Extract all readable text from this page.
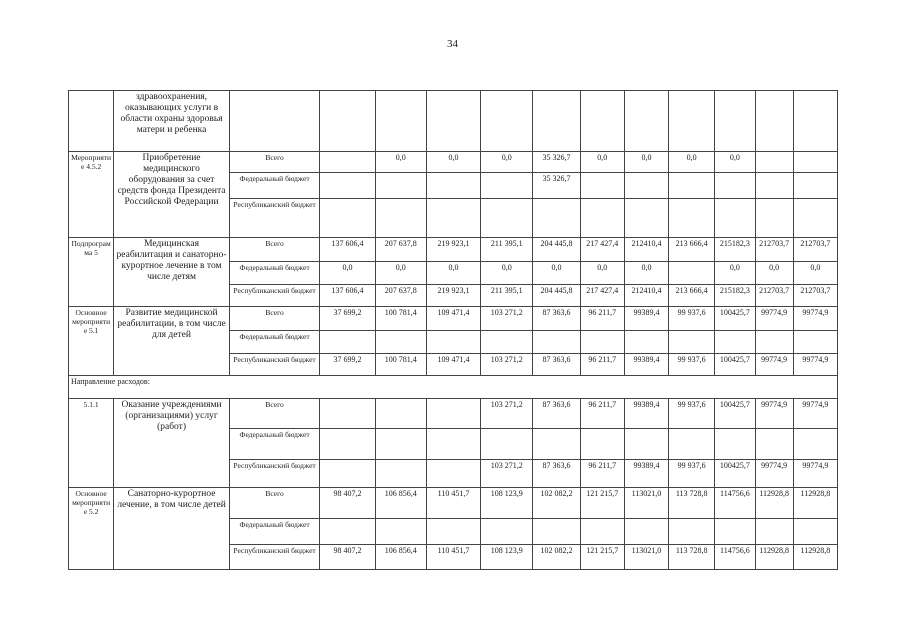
34
	здравоохранения, оказывающих услуги в области охраны здоровья матери и ребенка												
Мероприятие 4.5.2	Приобретение медицинского оборудования за счет средств фонда Президента Российской Федерации	Всего		0,0	0,0	0,0	35 326,7	0,0	0,0	0,0	0,0		
		Федеральный бюджет					35 326,7						
		Республиканский бюджет											
Подпрограмма 5	Медицинская реабилитация и санаторно-курортное лечение в том числе детям	Всего	137 606,4	207 637,8	219 923,1	211 395,1	204 445,8	217 427,4	212410,4	213 666,4	215182,3	212703,7	212703,7
		Федеральный бюджет	0,0	0,0	0,0	0,0	0,0	0,0	0,0		0,0	0,0	0,0
		Республиканский бюджет	137 606,4	207 637,8	219 923,1	211 395,1	204 445,8	217 427,4	212410,4	213 666,4	215182,3	212703,7	212703,7
Основное мероприятие 5.1	Развитие медицинской реабилитации, в том числе для детей	Всего	37 699,2	100 781,4	109 471,4	103 271,2	87 363,6	96 211,7	99389,4	99 937,6	100425,7	99774,9	99774,9
		Федеральный бюджет											
		Республиканский бюджет	37 699,2	100 781,4	109 471,4	103 271,2	87 363,6	96 211,7	99389,4	99 937,6	100425,7	99774,9	99774,9
Направление расходов:													
5.1.1	Оказание учреждениями (организациями) услуг (работ)	Всего				103 271,2	87 363,6	96 211,7	99389,4	99 937,6	100425,7	99774,9	99774,9
		Федеральный бюджет											
		Республиканский бюджет				103 271,2	87 363,6	96 211,7	99389,4	99 937,6	100425,7	99774,9	99774,9
Основное мероприятие 5.2	Санаторно-курортное лечение, в том числе детей	Всего	98 407,2	106 856,4	110 451,7	108 123,9	102 082,2	121 215,7	113021,0	113 728,8	114756,6	112928,8	112928,8
		Федеральный бюджет											
		Республиканский бюджет	98 407,2	106 856,4	110 451,7	108 123,9	102 082,2	121 215,7	113021,0	113 728,8	114756,6	112928,8	112928,8
